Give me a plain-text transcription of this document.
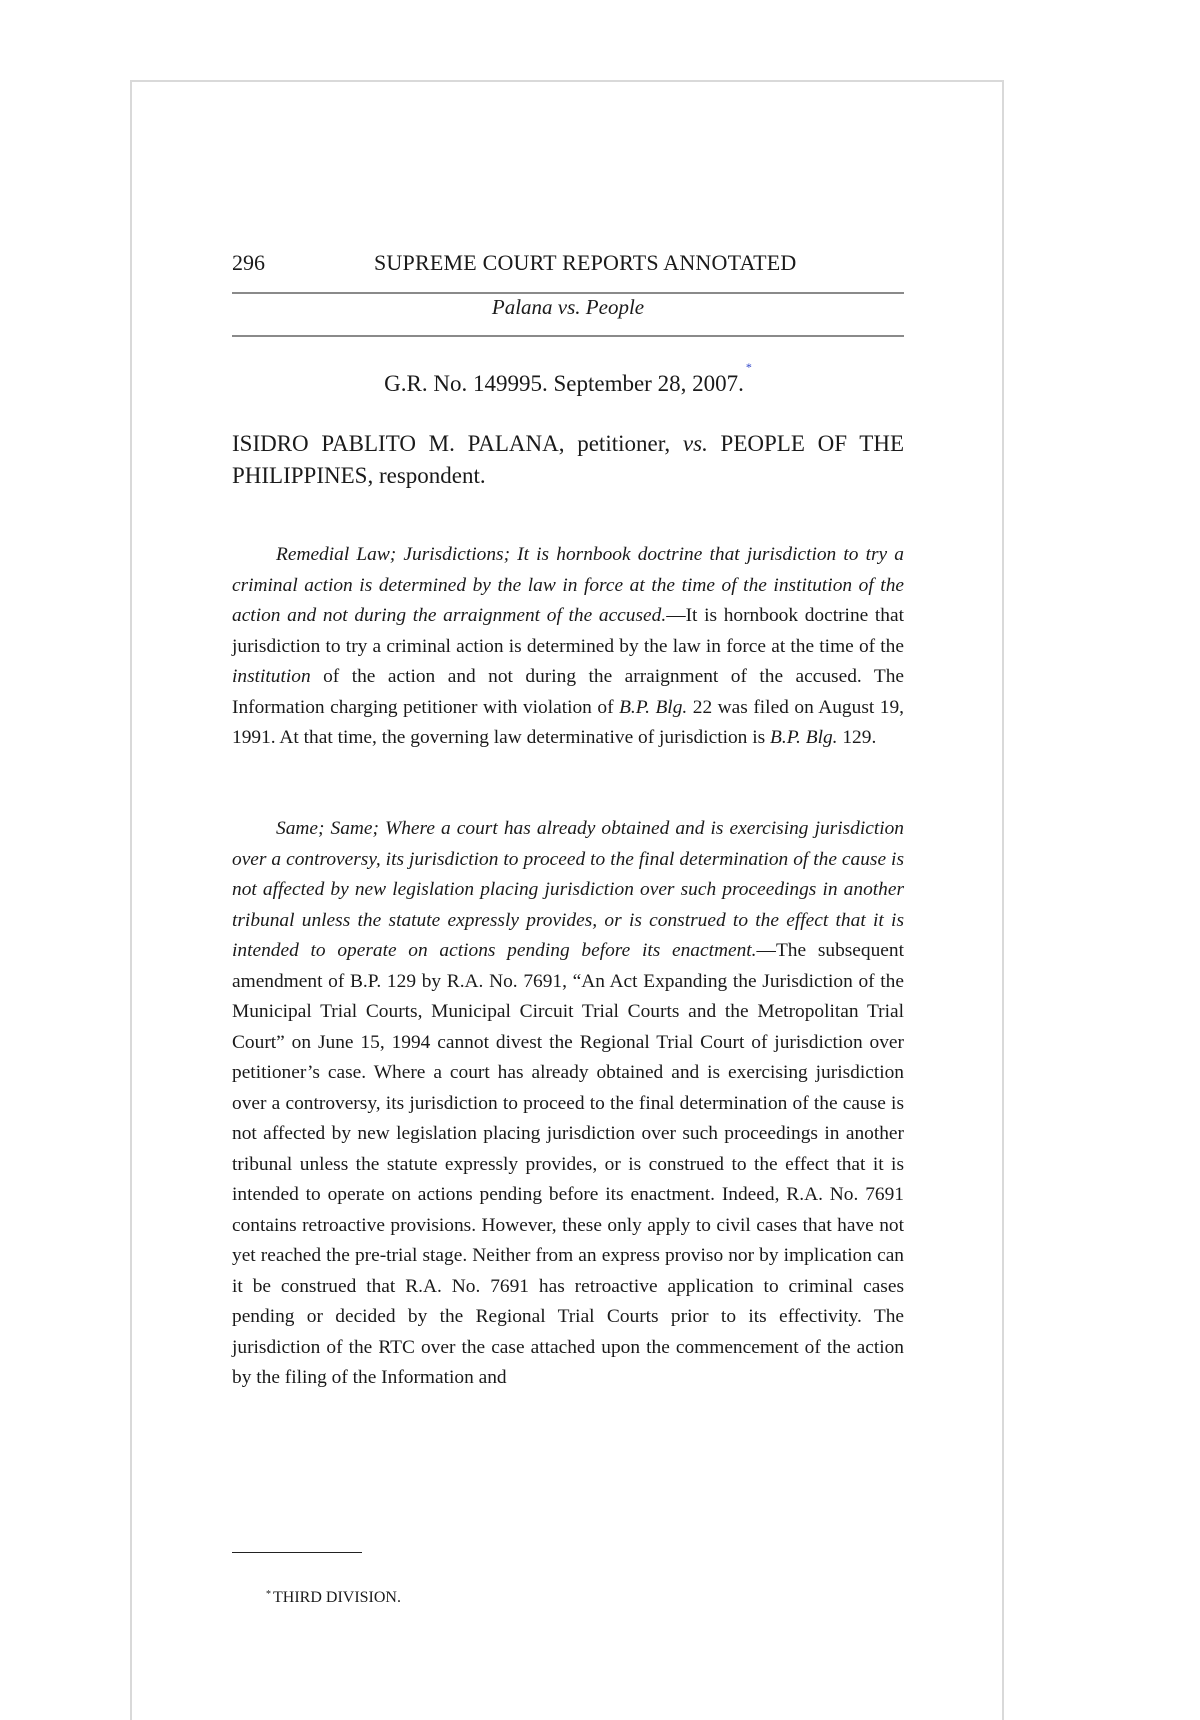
296	SUPREME COURT REPORTS ANNOTATED
Palana vs. People
G.R. No. 149995. September 28, 2007.*
ISIDRO PABLITO M. PALANA, petitioner, vs. PEOPLE OF THE PHILIPPINES, respondent.

Remedial Law; Jurisdictions; It is hornbook doctrine that jurisdiction to try a criminal action is determined by the law in force at the time of the institution of the action and not during the arraignment of the accused.—It is hornbook doctrine that jurisdiction to try a criminal action is determined by the law in force at the time of the institution of the action and not during the arraignment of the accused. The Information charging petitioner with violation of B.P. Blg. 22 was filed on August 19, 1991. At that time, the governing law determinative of jurisdiction is B.P. Blg. 129.

Same; Same; Where a court has already obtained and is exercising jurisdiction over a controversy, its jurisdiction to proceed to the final determination of the cause is not affected by new legislation placing jurisdiction over such proceedings in another tribunal unless the statute expressly provides, or is construed to the effect that it is intended to operate on actions pending before its enactment.—The subsequent amendment of B.P. 129 by R.A. No. 7691, “An Act Expanding the Jurisdiction of the Municipal Trial Courts, Municipal Circuit Trial Courts and the Metropolitan Trial Court” on June 15, 1994 cannot divest the Regional Trial Court of jurisdiction over petitioner’s case. Where a court has already obtained and is exercising jurisdiction over a controversy, its jurisdiction to proceed to the final determination of the cause is not affected by new legislation placing jurisdiction over such proceedings in another tribunal unless the statute expressly provides, or is construed to the effect that it is intended to operate on actions pending before its enactment. Indeed, R.A. No. 7691 contains retroactive provisions. However, these only apply to civil cases that have not yet reached the pre-trial stage. Neither from an express proviso nor by implication can it be construed that R.A. No. 7691 has retroactive application to criminal cases pending or decided by the Regional Trial Courts prior to its effectivity. The jurisdiction of the RTC over the case attached upon the commencement of the action by the filing of the Information and

* THIRD DIVISION.
